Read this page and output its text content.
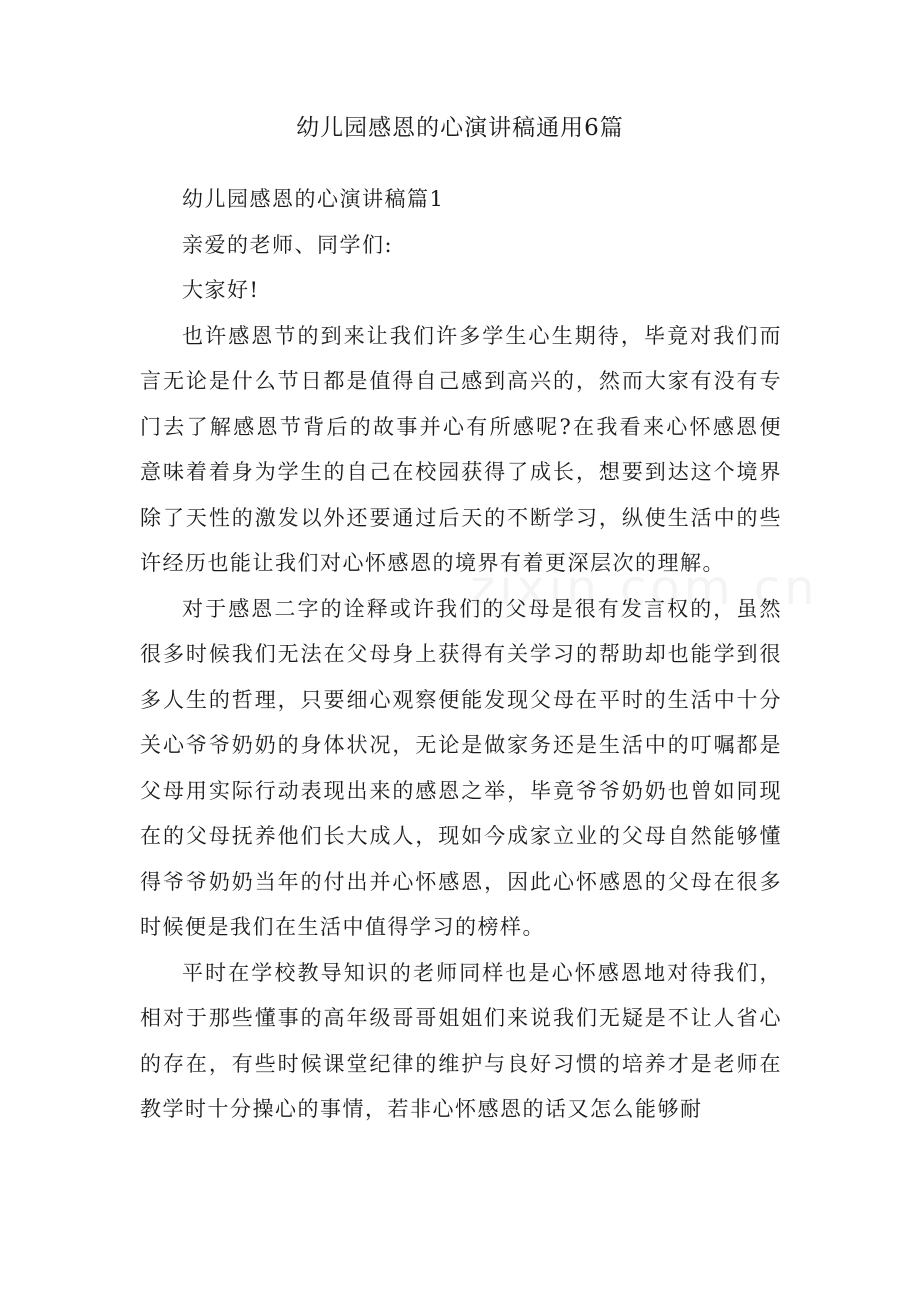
幼儿园感恩的心演讲稿通用6篇

幼儿园感恩的心演讲稿篇1

亲爱的老师、同学们:

大家好!

也许感恩节的到来让我们许多学生心生期待，毕竟对我们而言无论是什么节日都是值得自己感到高兴的，然而大家有没有专门去了解感恩节背后的故事并心有所感呢?在我看来心怀感恩便意味着着身为学生的自己在校园获得了成长，想要到达这个境界除了天性的激发以外还要通过后天的不断学习，纵使生活中的些许经历也能让我们对心怀感恩的境界有着更深层次的理解。

对于感恩二字的诠释或许我们的父母是很有发言权的，虽然很多时候我们无法在父母身上获得有关学习的帮助却也能学到很多人生的哲理，只要细心观察便能发现父母在平时的生活中十分关心爷爷奶奶的身体状况，无论是做家务还是生活中的叮嘱都是父母用实际行动表现出来的感恩之举，毕竟爷爷奶奶也曾如同现在的父母抚养他们长大成人，现如今成家立业的父母自然能够懂得爷爷奶奶当年的付出并心怀感恩，因此心怀感恩的父母在很多时候便是我们在生活中值得学习的榜样。

平时在学校教导知识的老师同样也是心怀感恩地对待我们，相对于那些懂事的高年级哥哥姐姐们来说我们无疑是不让人省心的存在，有些时候课堂纪律的维护与良好习惯的培养才是老师在教学时十分操心的事情，若非心怀感恩的话又怎么能够耐
